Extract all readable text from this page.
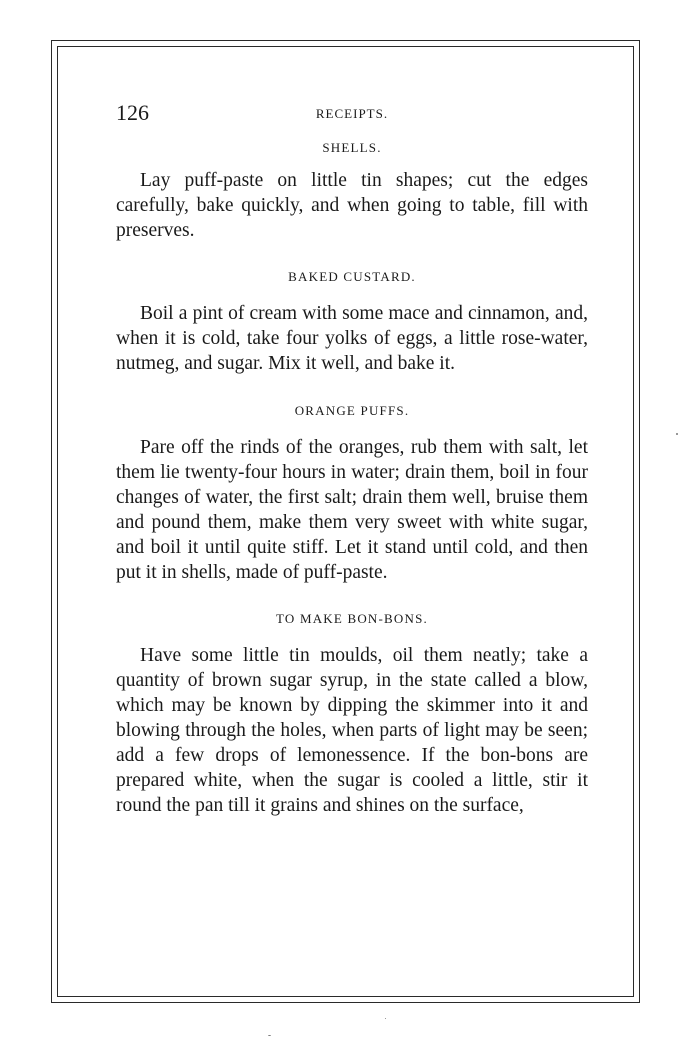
126	RECEIPTS.
SHELLS.

Lay puff-paste on little tin shapes; cut the edges carefully, bake quickly, and when going to table, fill with preserves.

BAKED CUSTARD.

Boil a pint of cream with some mace and cinnamon, and, when it is cold, take four yolks of eggs, a little rose-water, nutmeg, and sugar. Mix it well, and bake it.

ORANGE PUFFS.

Pare off the rinds of the oranges, rub them with salt, let them lie twenty-four hours in water; drain them, boil in four changes of water, the first salt; drain them well, bruise them and pound them, make them very sweet with white sugar, and boil it until quite stiff. Let it stand until cold, and then put it in shells, made of puff-paste.

TO MAKE BON-BONS.

Have some little tin moulds, oil them neatly; take a quantity of brown sugar syrup, in the state called a blow, which may be known by dipping the skimmer into it and blowing through the holes, when parts of light may be seen; add a few drops of lemonessence. If the bon-bons are prepared white, when the sugar is cooled a little, stir it round the pan till it grains and shines on the surface,
